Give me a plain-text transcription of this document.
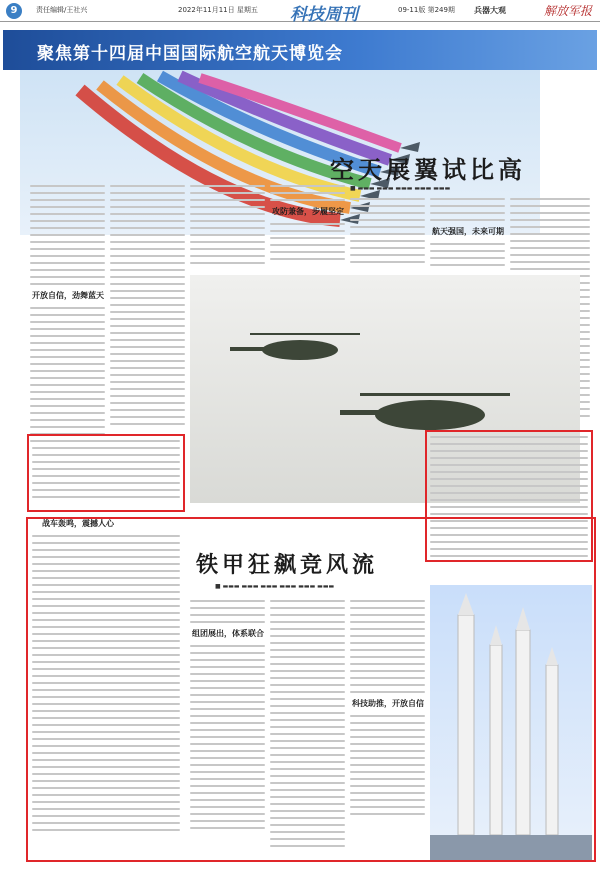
9	责任编辑/王社兴	2022年11月11日 星期五 科技周刊	09-11版 第249期 兵器大观	解放军报
聚焦第十四届中国国际航空航天博览会
空天展翼试比高
■ ▬▬▬ ▬▬▬ ▬▬▬ ▬▬▬ ▬▬▬
开放自信，劲舞蓝天
攻防兼备，步履坚定
航天强国，未来可期
战车轰鸣，震撼人心
铁甲狂飙竞风流
■ ▬▬▬ ▬▬▬ ▬▬▬ ▬▬▬ ▬▬▬ ▬▬▬
组团展出，体系联合
科技助推，开放自信
